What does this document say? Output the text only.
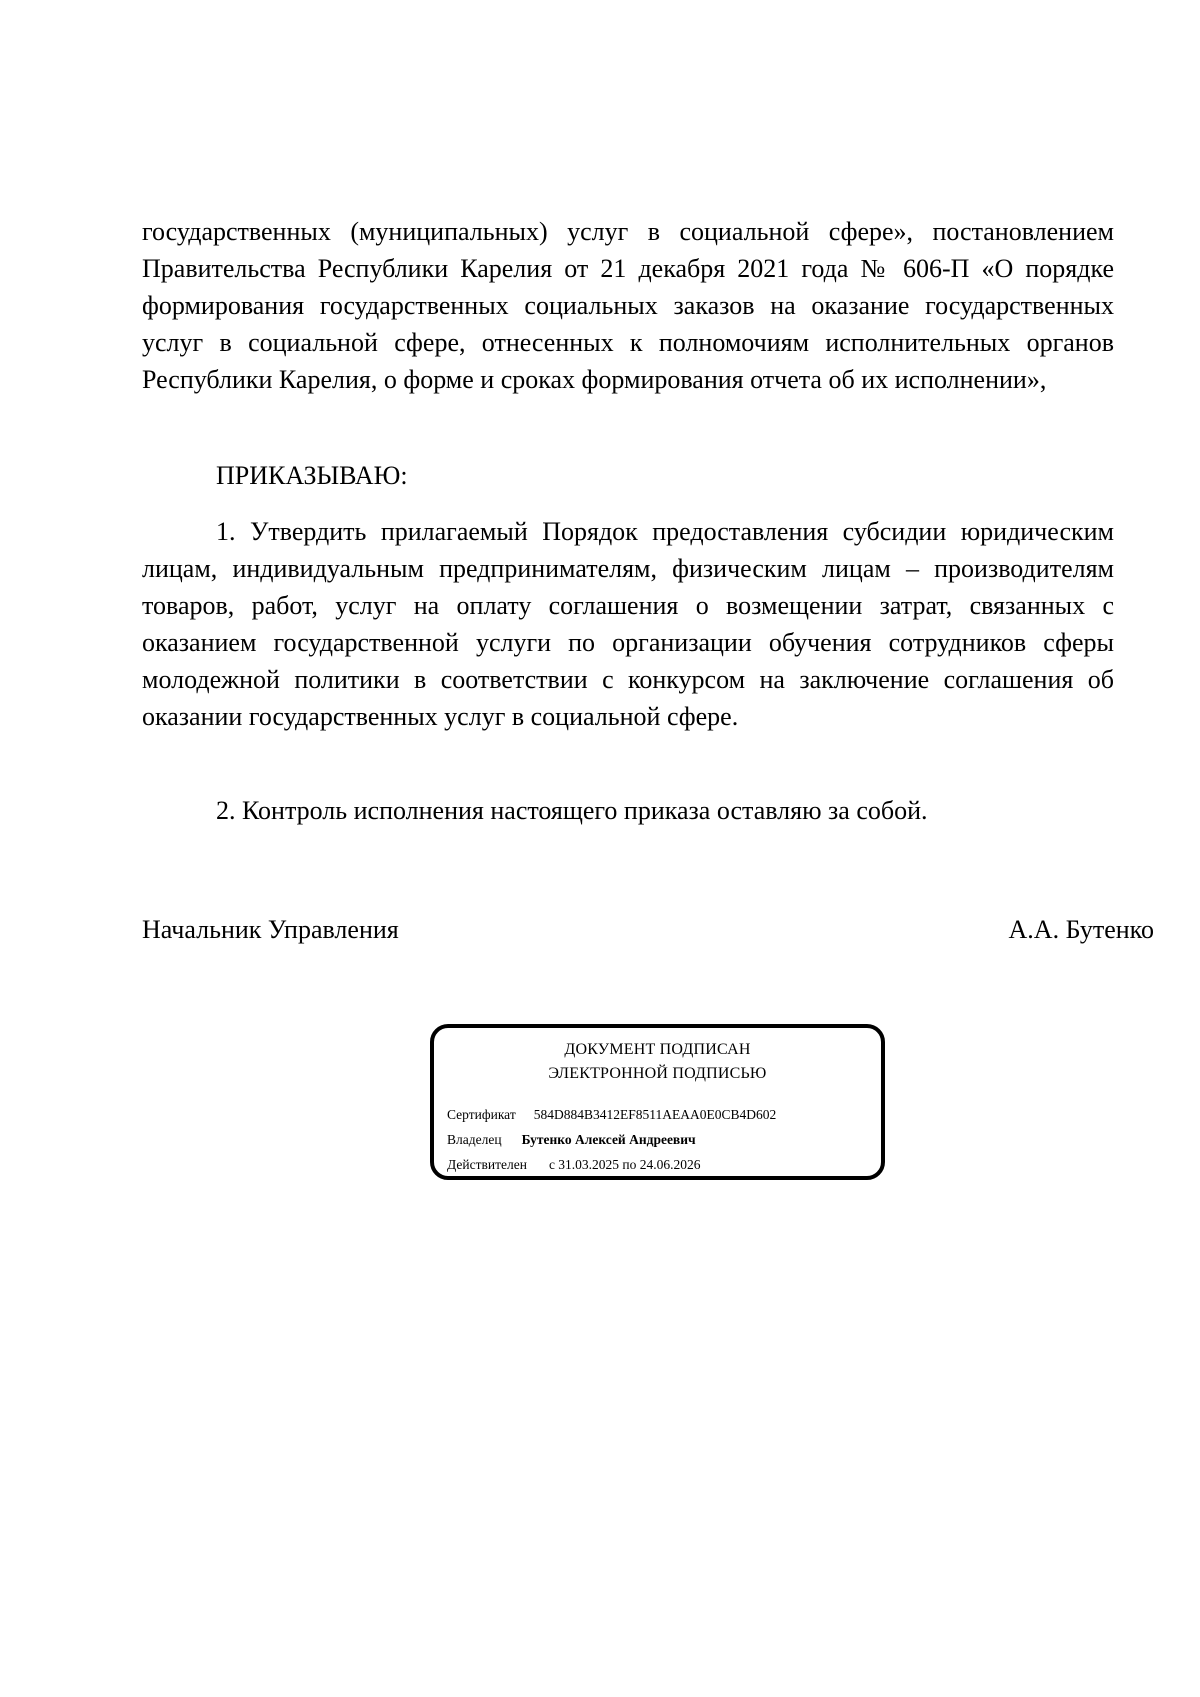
государственных (муниципальных) услуг в социальной сфере», постановлением Правительства Республики Карелия от 21 декабря 2021 года № 606-П «О порядке формирования государственных социальных заказов на оказание государственных услуг в социальной сфере, отнесенных к полномочиям исполнительных органов Республики Карелия, о форме и сроках формирования отчета об их исполнении»,

ПРИКАЗЫВАЮ:

1. Утвердить прилагаемый Порядок предоставления субсидии юридическим лицам, индивидуальным предпринимателям, физическим лицам – производителям товаров, работ, услуг на оплату соглашения о возмещении затрат, связанных с оказанием государственной услуги по организации обучения сотрудников сферы молодежной политики в соответствии с конкурсом на заключение соглашения об оказании государственных услуг в социальной сфере.

2. Контроль исполнения настоящего приказа оставляю за собой.
Начальник Управления	А.А. Бутенко
ДОКУМЕНТ ПОДПИСАН
ЭЛЕКТРОННОЙ ПОДПИСЬЮ
Сертификат 584D884B3412EF8511AEAA0E0CB4D602
Владелец Бутенко Алексей Андреевич
Действителен с 31.03.2025 по 24.06.2026
